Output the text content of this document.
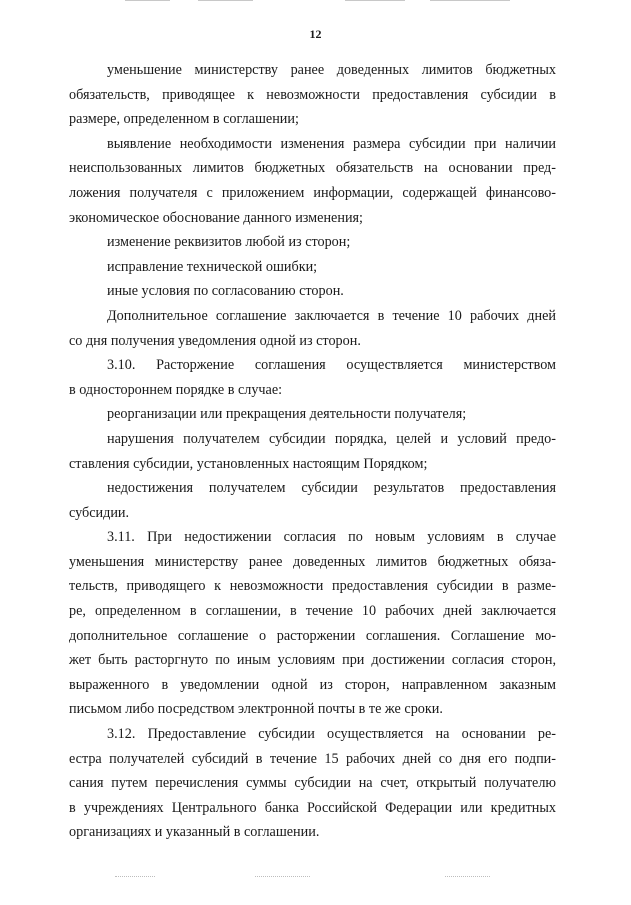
12
уменьшение министерству ранее доведенных лимитов бюджетных
обязательств, приводящее к невозможности предоставления субсидии в
размере, определенном в соглашении;
выявление необходимости изменения размера субсидии при наличии
неиспользованных лимитов бюджетных обязательств на основании пред-
ложения получателя с приложением информации, содержащей финансово-
экономическое обоснование данного изменения;
изменение реквизитов любой из сторон;
исправление технической ошибки;
иные условия по согласованию сторон.
Дополнительное соглашение заключается в течение 10 рабочих дней
со дня получения уведомления одной из сторон.
3.10. Расторжение соглашения осуществляется министерством
в одностороннем порядке в случае:
реорганизации или прекращения деятельности получателя;
нарушения получателем субсидии порядка, целей и условий предо-
ставления субсидии, установленных настоящим Порядком;
недостижения получателем субсидии результатов предоставления
субсидии.
3.11. При недостижении согласия по новым условиям в случае
уменьшения министерству ранее доведенных лимитов бюджетных обяза-
тельств, приводящего к невозможности предоставления субсидии в разме-
ре, определенном в соглашении, в течение 10 рабочих дней заключается
дополнительное соглашение о расторжении соглашения. Соглашение мо-
жет быть расторгнуто по иным условиям при достижении согласия сторон,
выраженного в уведомлении одной из сторон, направленном заказным
письмом либо посредством электронной почты в те же сроки.
3.12. Предоставление субсидии осуществляется на основании ре-
естра получателей субсидий в течение 15 рабочих дней со дня его подпи-
сания путем перечисления суммы субсидии на счет, открытый получателю
в учреждениях Центрального банка Российской Федерации или кредитных
организациях и указанный в соглашении.
